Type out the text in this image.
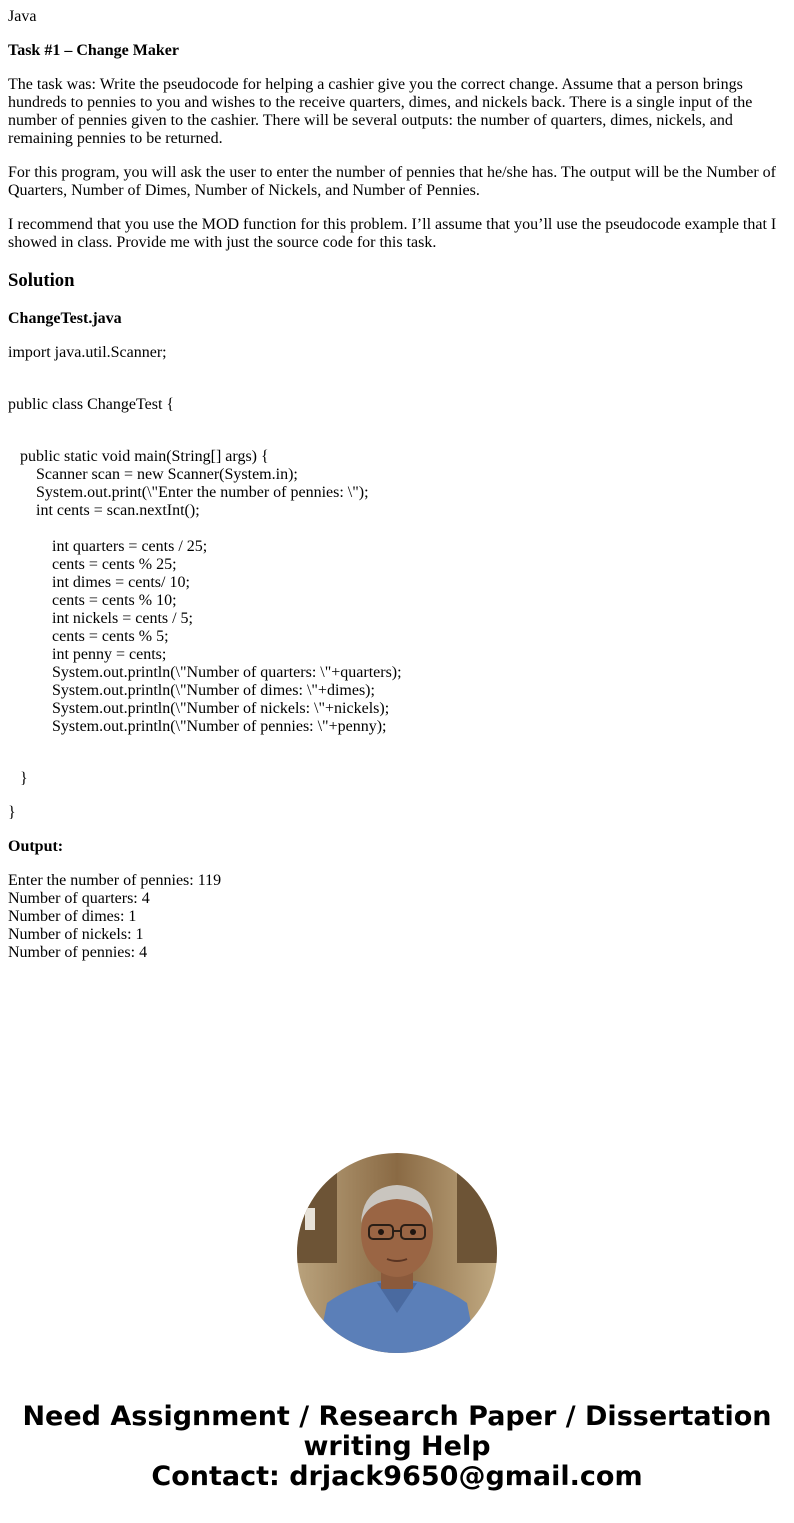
Java

Task #1 – Change Maker

The task was: Write the pseudocode for helping a cashier give you the correct change. Assume that a person brings hundreds to pennies to you and wishes to the receive quarters, dimes, and nickels back. There is a single input of the number of pennies given to the cashier. There will be several outputs: the number of quarters, dimes, nickels, and remaining pennies to be returned.

For this program, you will ask the user to enter the number of pennies that he/she has. The output will be the Number of Quarters, Number of Dimes, Number of Nickels, and Number of Pennies.

I recommend that you use the MOD function for this problem. I’ll assume that you’ll use the pseudocode example that I showed in class. Provide me with just the source code for this task.

Solution
ChangeTest.java
import java.util.Scanner;
public class ChangeTest {
public static void main(String[] args) {
Scanner scan = new Scanner(System.in);
System.out.print(\"Enter the number of pennies: \");
int cents = scan.nextInt();
int quarters = cents / 25;
cents = cents % 25;
int dimes = cents/ 10;
cents = cents % 10;
int nickels = cents / 5;
cents = cents % 5;
int penny = cents;
System.out.println(\"Number of quarters: \"+quarters);
System.out.println(\"Number of dimes: \"+dimes);
System.out.println(\"Number of nickels: \"+nickels);
System.out.println(\"Number of pennies: \"+penny);
}
}
Output:
Enter the number of pennies: 119
Number of quarters: 4
Number of dimes: 1
Number of nickels: 1
Number of pennies: 4
Need Assignment / Research Paper / Dissertation
writing Help
Contact: drjack9650@gmail.com
